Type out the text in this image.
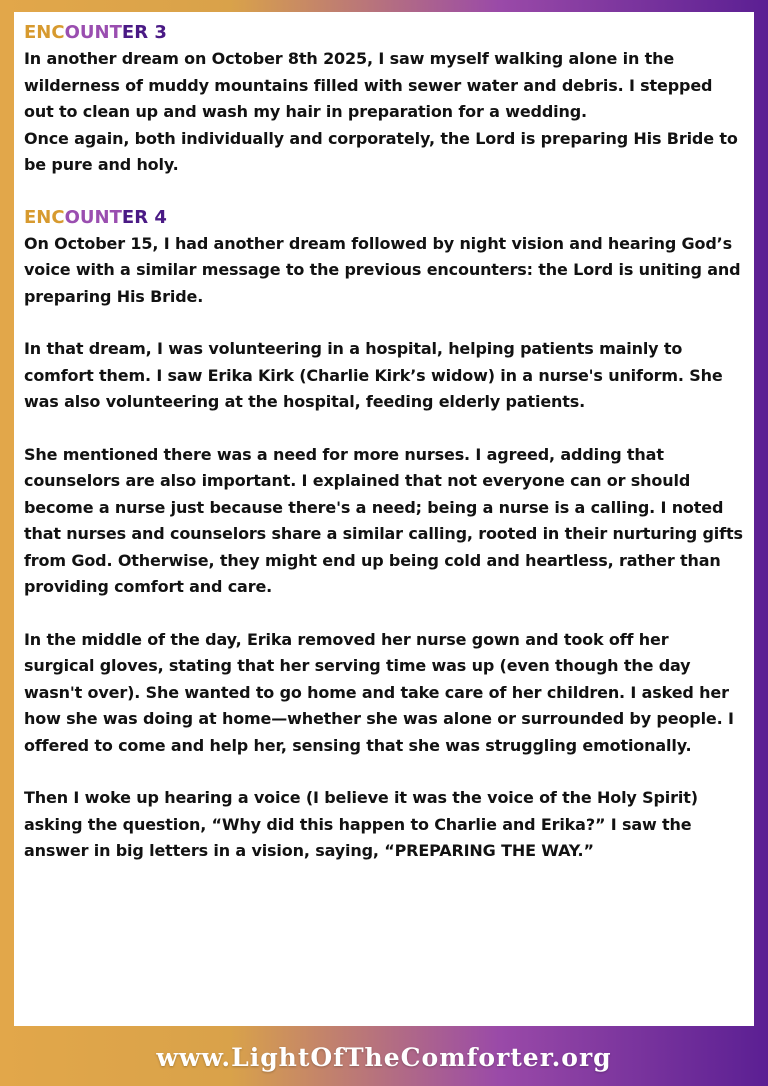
ENCOUNTER 3

In another dream on October 8th 2025, I saw myself walking alone in the wilderness of muddy mountains filled with sewer water and debris. I stepped out to clean up and wash my hair in preparation for a wedding.

Once again, both individually and corporately, the Lord is preparing His Bride to be pure and holy.

ENCOUNTER 4

On October 15, I had another dream followed by night vision and hearing God’s voice with a similar message to the previous encounters: the Lord is uniting and preparing His Bride.

In that dream, I was volunteering in a hospital, helping patients mainly to comfort them. I saw Erika Kirk (Charlie Kirk’s widow) in a nurse's uniform. She was also volunteering at the hospital, feeding elderly patients.

She mentioned there was a need for more nurses. I agreed, adding that counselors are also important. I explained that not everyone can or should become a nurse just because there's a need; being a nurse is a calling. I noted that nurses and counselors share a similar calling, rooted in their nurturing gifts from God. Otherwise, they might end up being cold and heartless, rather than providing comfort and care.

In the middle of the day, Erika removed her nurse gown and took off her surgical gloves, stating that her serving time was up (even though the day wasn't over). She wanted to go home and take care of her children. I asked her how she was doing at home—whether she was alone or surrounded by people. I offered to come and help her, sensing that she was struggling emotionally.

Then I woke up hearing a voice (I believe it was the voice of the Holy Spirit) asking the question, “Why did this happen to Charlie and Erika?” I saw the answer in big letters in a vision, saying, “PREPARING THE WAY.”

www.LightOfTheComforter.org
